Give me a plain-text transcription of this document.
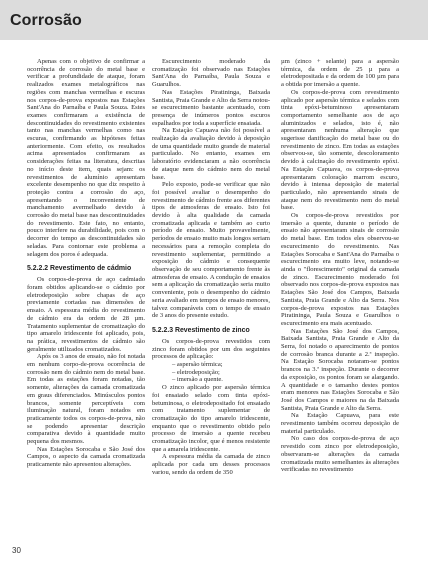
Corrosão

Apenas com o objetivo de confirmar a ocorrência de corrosão do metal base e verificar a profundidade de ataque, foram realizados exames metalográficos nas regiões com manchas vermelhas e escuras nos corpos-de-prova expostos nas Estações Sant'Ana do Parnaíba e Paula Souza. Estes exames confirmaram a existência de descontinuidades do revestimento existentes tanto nas manchas vermelhas como nas escuras, confirmando as hipóteses feitas anteriormente. Com efeito, os resultados acima apresentados confirmaram as considerações feitas na literatura, descritas no início deste item, quais sejam: os revestimentos de alumínio apresentam excelente desempenho no que diz respeito à proteção contra a corrosão do aço, apresentando o inconveniente de manchamento avermelhado devido à corrosão do metal base nas descontinuidades do revestimento. Este fato, no entanto, pouco interfere na durabilidade, pois com o decorrer do tempo as descontinuidades são seladas. Para contornar este problema a selagem dos poros é adequada.

5.2.2.2 Revestimento de cádmio

Os corpos-de-prova de aço cadmiado foram obtidos aplicando-se o cádmio por eletrodeposição sobre chapas de aço previamente cortadas nas dimensões de ensaio. A espessura média do revestimento de cádmio era da ordem de 28 µm. Tratamento suplementar de cromatização do tipo amarelo iridescente foi aplicado, pois, na prática, revestimentos de cádmio são geralmente utilizados cromatizados.

Após os 3 anos de ensaio, não foi notada em nenhum corpo-de-prova ocorrência de corrosão nem do cádmio nem do metal base. Em todas as estações foram notadas, tão somente, alterações da camada cromatizada em graus diferenciados. Minúsculos pontos brancos, somente perceptíveis com iluminação natural, foram notados em praticamente todos os corpos-de-prova, não se podendo apresentar descrição comparativa devido à quantidade muito pequena dos mesmos.

Nas Estações Sorocaba e São José dos Campos, o aspecto da camada cromatizada praticamente não apresentou alterações.

Escurecimento moderado da cromatização foi observado nas Estações Sant'Ana do Parnaíba, Paula Souza e Guarulhos.

Nas Estações Piratininga, Baixada Santista, Praia Grande e Alto da Serra notou-se escurecimento bastante acentuado, com presença de inúmeros pontos escuros espalhados por toda a superfície ensaiada.

Na Estação Capuava não foi possível a realização da avaliação devido à deposição de uma quantidade muito grande de material particulado. No entanto, exames em laboratório evidenciaram a não ocorrência de ataque nem do cádmio nem do metal base.

Pelo exposto, pode-se verificar que não foi possível avaliar o desempenho do revestimento de cádmio frente aos diferentes tipos de atmosferas de ensaio. Isto foi devido à alta qualidade da camada cromatizada aplicada e também ao curto período de ensaio. Muito provavelmente, períodos de ensaio muito mais longos seriam necessários para a remoção completa do revestimento suplementar, permitindo a exposição do cádmio e consequente observação de seu comportamento frente às atmosferas de ensaio. A condução de ensaios sem a aplicação da cromatização seria muito conveniente, pois o desempenho do cádmio seria avaliado em tempos de ensaio menores, talvez comparáveis com o tempo de ensaio de 3 anos do presente estudo.

5.2.2.3 Revestimento de zinco

Os corpos-de-prova revestidos com zinco foram obtidos por um dos seguintes processos de aplicação:

– aspersão térmica;
– eletrodeposição;
– imersão a quente.

O zinco aplicado por aspersão térmica foi ensaiado selado com tinta epóxi-betuminosa, o eletrodepositado foi ensaiado com tratamento suplementar de cromatização do tipo amarelo iridescente, enquanto que o revestimento obtido pelo processo de imersão a quente recebeu cromatização incolor, que é menos resistente que a amarela iridescente.

A espessura média da camada de zinco aplicada por cada um desses processos variou, sendo da ordem de 350

µm (zinco + selante) para a aspersão térmica, da ordem de 25 µ para a eletrodepositada e da ordem de 100 µm para a obtida por imersão a quente.

Os corpos-de-prova com revestimento aplicado por aspersão térmica e selados com tinta epóxi-betuminoso apresentaram comportamento semelhante aos de aço aluminizados e selados, isto é, não apresentaram nenhuma alteração que sugerisse danificação do metal base ou do revestimento de zinco. Em todas as estações observou-se, tão somente, descoloramento devido à calcinação do revestimento epóxi. Na Estação Capuava, os corpos-de-prova apresentaram coloração marrom escuro, devido à intensa deposição de material particulado, não apresentando sinais de ataque nem do revestimento nem do metal base.

Os corpos-de-prova revestidos por imersão a quente, durante o período de ensaio não apresentaram sinais de corrosão do metal base. Em todos eles observou-se escurecimento do revestimento. Nas Estações Sorocaba e Sant'Ana do Parnaíba o escurecimento era muito leve, notando-se ainda o "florescimento" original da camada de zinco. Escurecimento moderado foi observado nos corpos-de-prova expostos nas Estações São José dos Campos, Baixada Santista, Praia Grande e Alto da Serra. Nos corpos-de-prova expostos nas Estações Piratininga, Paula Souza e Guarulhos o escurecimento era mais acentuado.

Nas Estações São José dos Campos, Baixada Santista, Praia Grande e Alto da Serra, foi notado o aparecimento de pontos de corrosão branca durante a 2.ª inspeção. Na Estação Sorocaba notaram-se pontos brancos na 3.ª inspeção. Durante o decorrer da exposição, os pontos foram se alargando. A quantidade e o tamanho destes pontos eram menores nas Estações Sorocaba e São José dos Campos e maiores na da Baixada Santista, Praia Grande e Alto da Serra.

Na Estação Capuava, para este revestimento também ocorreu deposição de material particulado.

No caso dos corpos-de-prova de aço revestido com zinco por eletrodeposição, observaram-se alterações da camada cromatizada muito semelhantes às alterações verificadas no revestimento

30
